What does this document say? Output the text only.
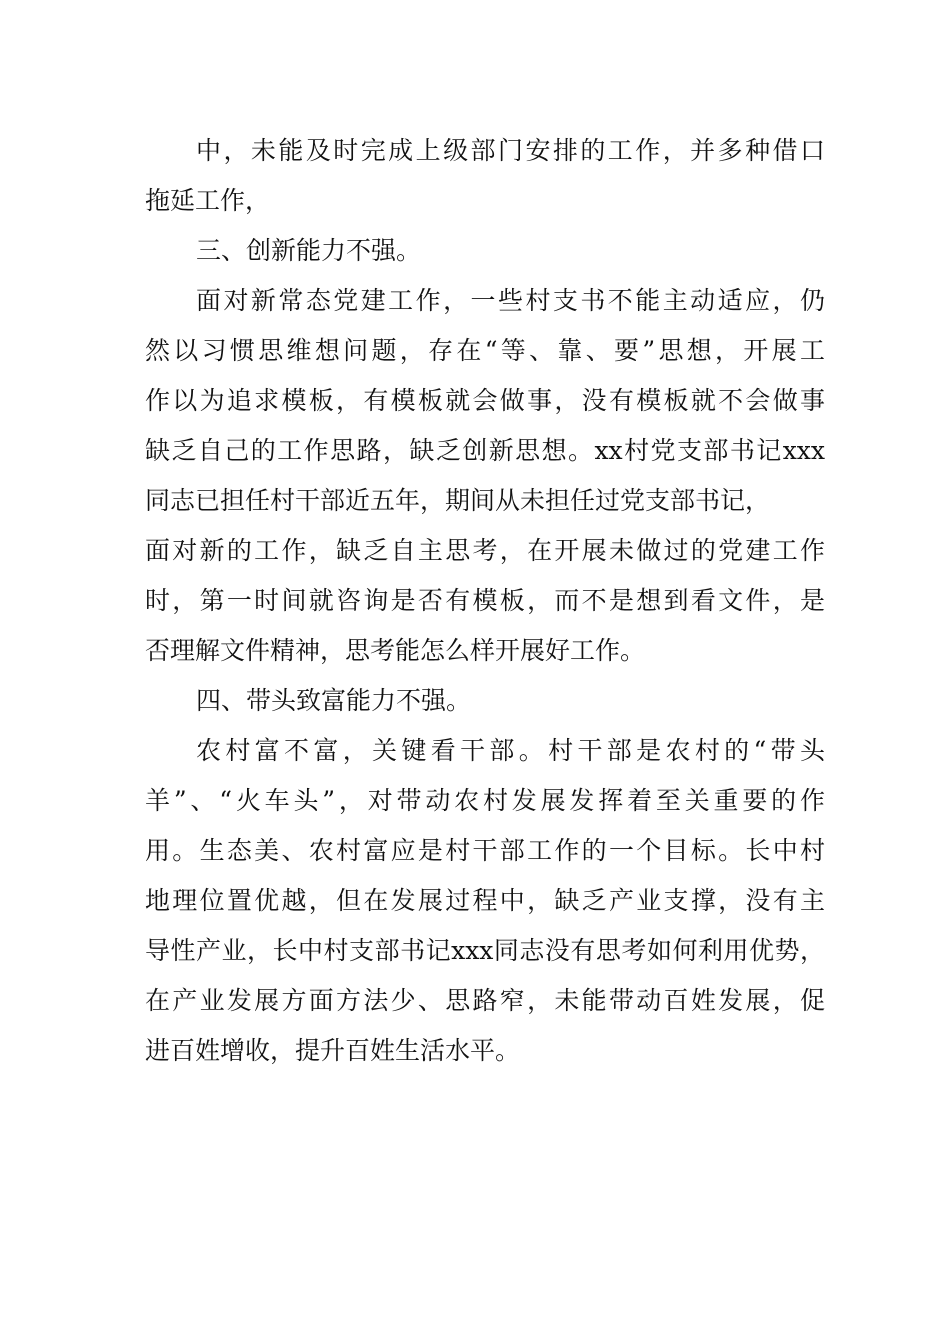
中，未能及时完成上级部门安排的工作，并多种借口

拖延工作，

三、创新能力不强。

面对新常态党建工作，一些村支书不能主动适应，仍

然以习惯思维想问题，存在“等、靠、要”思想，开展工

作以为追求模板，有模板就会做事，没有模板就不会做事

缺乏自己的工作思路，缺乏创新思想。xx村党支部书记xxx

同志已担任村干部近五年，期间从未担任过党支部书记，

面对新的工作，缺乏自主思考，在开展未做过的党建工作

时，第一时间就咨询是否有模板，而不是想到看文件，是

否理解文件精神，思考能怎么样开展好工作。

四、带头致富能力不强。

农村富不富，关键看干部。村干部是农村的“带头

羊”、“火车头”，对带动农村发展发挥着至关重要的作

用。生态美、农村富应是村干部工作的一个目标。长中村

地理位置优越，但在发展过程中，缺乏产业支撑，没有主

导性产业，长中村支部书记xxx同志没有思考如何利用优势，

在产业发展方面方法少、思路窄，未能带动百姓发展，促

进百姓增收，提升百姓生活水平。
